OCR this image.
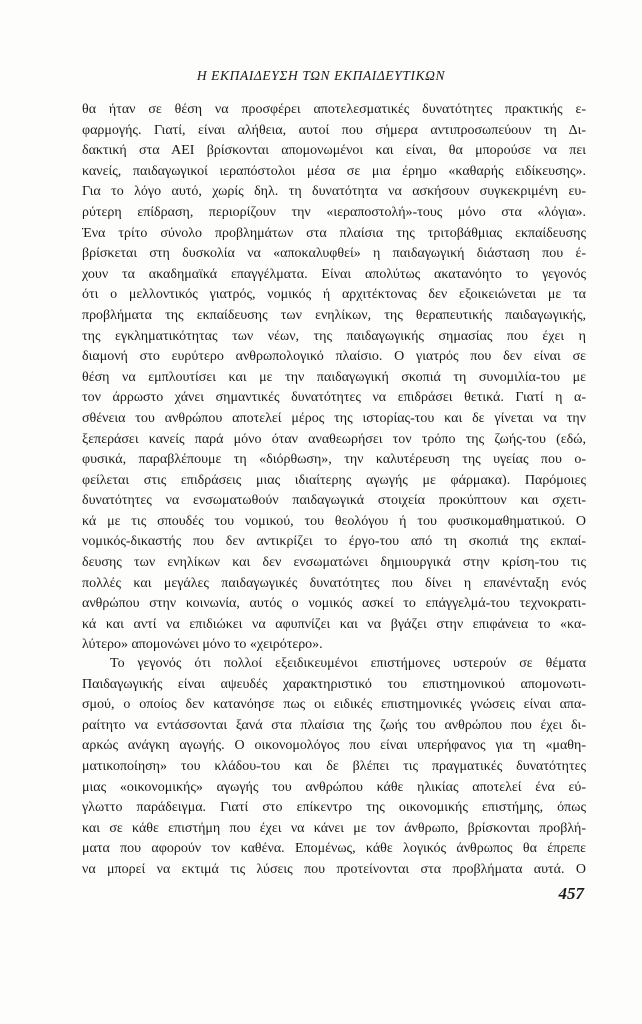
Η ΕΚΠΑΙΔΕΥΣΗ ΤΩΝ ΕΚΠΑΙΔΕΥΤΙΚΩΝ
θα ήταν σε θέση να προσφέρει αποτελεσματικές δυνατότητες πρακτικής ε-
φαρμογής. Γιατί, είναι αλήθεια, αυτοί που σήμερα αντιπροσωπεύουν τη Δι-
δακτική στα ΑΕΙ βρίσκονται απομονωμένοι και είναι, θα μπορούσε να πει
κανείς, παιδαγωγικοί ιεραπόστολοι μέσα σε μια έρημο «καθαρής ειδίκευσης».
Για το λόγο αυτό, χωρίς δηλ. τη δυνατότητα να ασκήσουν συγκεκριμένη ευ-
ρύτερη επίδραση, περιορίζουν την «ιεραποστολή»-τους μόνο στα «λόγια».
Ένα τρίτο σύνολο προβλημάτων στα πλαίσια της τριτοβάθμιας εκπαίδευσης
βρίσκεται στη δυσκολία να «αποκαλυφθεί» η παιδαγωγική διάσταση που έ-
χουν τα ακαδημαϊκά επαγγέλματα. Είναι απολύτως ακατανόητο το γεγονός
ότι ο μελλοντικός γιατρός, νομικός ή αρχιτέκτονας δεν εξοικειώνεται με τα
προβλήματα της εκπαίδευσης των ενηλίκων, της θεραπευτικής παιδαγωγικής,
της εγκληματικότητας των νέων, της παιδαγωγικής σημασίας που έχει η
διαμονή στο ευρύτερο ανθρωπολογικό πλαίσιο. Ο γιατρός που δεν είναι σε
θέση να εμπλουτίσει και με την παιδαγωγική σκοπιά τη συνομιλία-του με
τον άρρωστο χάνει σημαντικές δυνατότητες να επιδράσει θετικά. Γιατί η α-
σθένεια του ανθρώπου αποτελεί μέρος της ιστορίας-του και δε γίνεται να την
ξεπεράσει κανείς παρά μόνο όταν αναθεωρήσει τον τρόπο της ζωής-του (εδώ,
φυσικά, παραβλέπουμε τη «διόρθωση», την καλυτέρευση της υγείας που ο-
φείλεται στις επιδράσεις μιας ιδιαίτερης αγωγής με φάρμακα). Παρόμοιες
δυνατότητες να ενσωματωθούν παιδαγωγικά στοιχεία προκύπτουν και σχετι-
κά με τις σπουδές του νομικού, του θεολόγου ή του φυσικομαθηματικού. Ο
νομικός-δικαστής που δεν αντικρίζει το έργο-του από τη σκοπιά της εκπαί-
δευσης των ενηλίκων και δεν ενσωματώνει δημιουργικά στην κρίση-του τις
πολλές και μεγάλες παιδαγωγικές δυνατότητες που δίνει η επανένταξη ενός
ανθρώπου στην κοινωνία, αυτός ο νομικός ασκεί το επάγγελμά-του τεχνοκρατι-
κά και αντί να επιδιώκει να αφυπνίζει και να βγάζει στην επιφάνεια το «κα-
λύτερο» απομονώνει μόνο το «χειρότερο».
Το γεγονός ότι πολλοί εξειδικευμένοι επιστήμονες υστερούν σε θέματα
Παιδαγωγικής είναι αψευδές χαρακτηριστικό του επιστημονικού απομονωτι-
σμού, ο οποίος δεν κατανόησε πως οι ειδικές επιστημονικές γνώσεις είναι απα-
ραίτητο να εντάσσονται ξανά στα πλαίσια της ζωής του ανθρώπου που έχει δι-
αρκώς ανάγκη αγωγής. Ο οικονομολόγος που είναι υπερήφανος για τη «μαθη-
ματικοποίηση» του κλάδου-του και δε βλέπει τις πραγματικές δυνατότητες
μιας «οικονομικής» αγωγής του ανθρώπου κάθε ηλικίας αποτελεί ένα εύ-
γλωττο παράδειγμα. Γιατί στο επίκεντρο της οικονομικής επιστήμης, όπως
και σε κάθε επιστήμη που έχει να κάνει με τον άνθρωπο, βρίσκονται προβλή-
ματα που αφορούν τον καθένα. Επομένως, κάθε λογικός άνθρωπος θα έπρεπε
να μπορεί να εκτιμά τις λύσεις που προτείνονται στα προβλήματα αυτά. Ο
457
